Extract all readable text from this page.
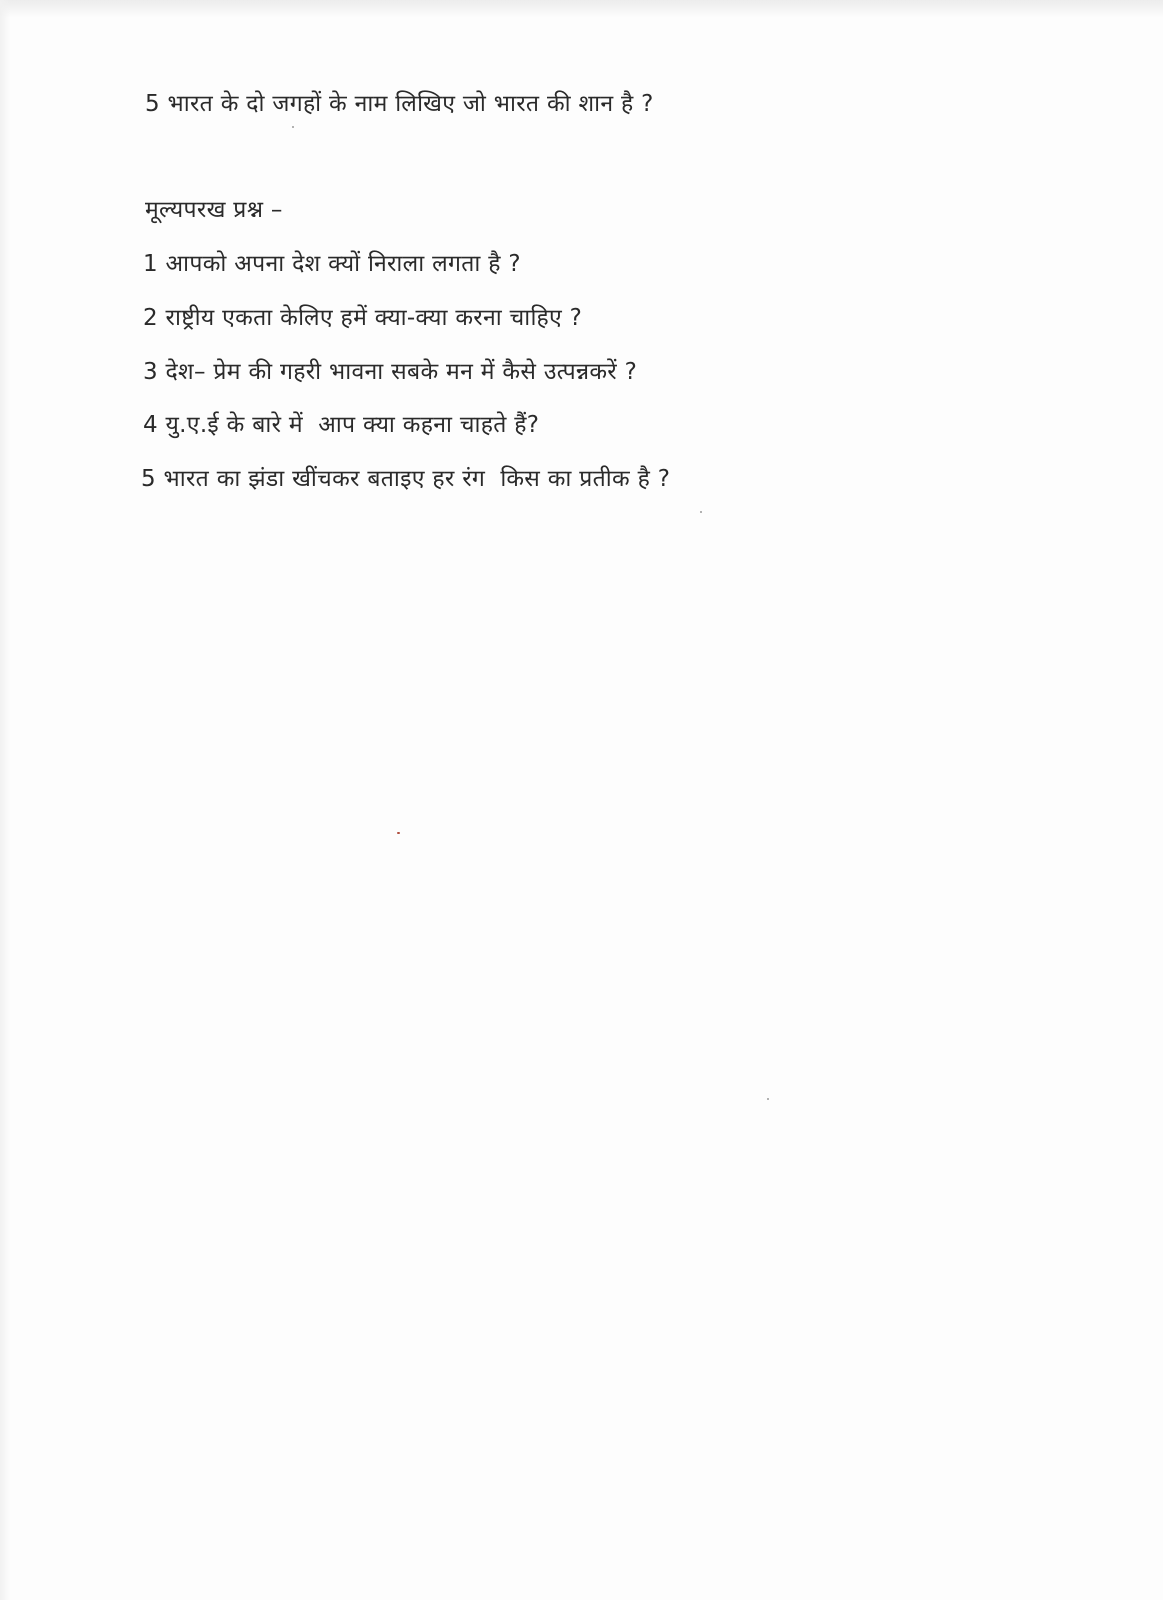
5 भारत के दो जगहों के नाम लिखिए जो भारत की शान है ?
मूल्यपरख प्रश्न –
1 आपको अपना देश क्यों निराला लगता है ?
2 राष्ट्रीय एकता केलिए हमें क्या-क्या करना चाहिए ?
3 देश– प्रेम की गहरी भावना सबके मन में कैसे उत्पन्नकरें ?
4 यु.ए.ई के बारे में  आप क्या कहना चाहते हैं?
5 भारत का झंडा खींचकर बताइए हर रंग  किस का प्रतीक है ?
